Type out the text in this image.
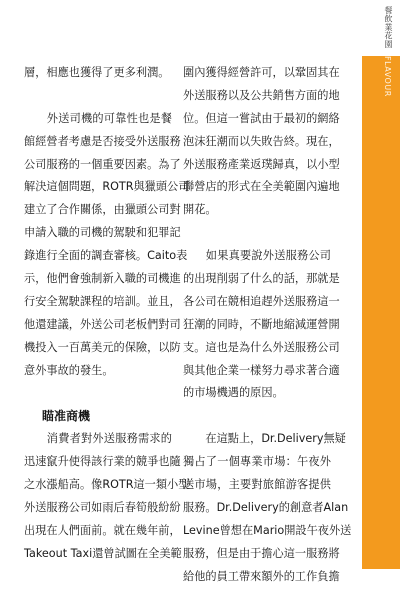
餐飲業花園
FLAVOUR
層，相應也獲得了更多利潤。
　　外送司機的可靠性也是餐
館經營者考慮是否接受外送服務
公司服務的一個重要因素。為了
解決這個問題，ROTR與獵頭公司
建立了合作關係，由獵頭公司對
申請入職的司機的駕駛和犯罪記
錄進行全面的調查審核。Caito表
示，他們會強制新入職的司機進
行安全駕駛課程的培訓。並且，
他還建議，外送公司老板們對司
機投入一百萬美元的保險，以防
意外事故的發生。
瞄准商機
　　消費者對外送服務需求的
迅速竄升使得該行業的競爭也隨
之水漲船高。像ROTR這一類小型
外送服務公司如雨后春筍般紛紛
出現在人們面前。就在幾年前，
Takeout Taxi還曾試圖在全美範
圍內獲得經營許可，以鞏固其在
外送服務以及公共銷售方面的地
位。但這一嘗試由于最初的網絡
泡沫狂潮而以失敗告終。現在，
外送服務產業返璞歸真，以小型
聯營店的形式在全美範圍內遍地
開花。
　　如果真要說外送服務公司
的出現削弱了什么的話，那就是
各公司在競相追趕外送服務這一
狂潮的同時，不斷地縮減運營開
支。這也是為什么外送服務公司
與其他企業一樣努力尋求著合適
的市場機遇的原因。
　　在這點上，Dr.Delivery無疑
獨占了一個專業市場：午夜外
送市場，主要對旅館游客提供
服務。Dr.Delivery的創意者Alan
Levine曾想在Mario開設午夜外送
服務，但是由于擔心這一服務將
給他的員工帶來額外的工作負擔
